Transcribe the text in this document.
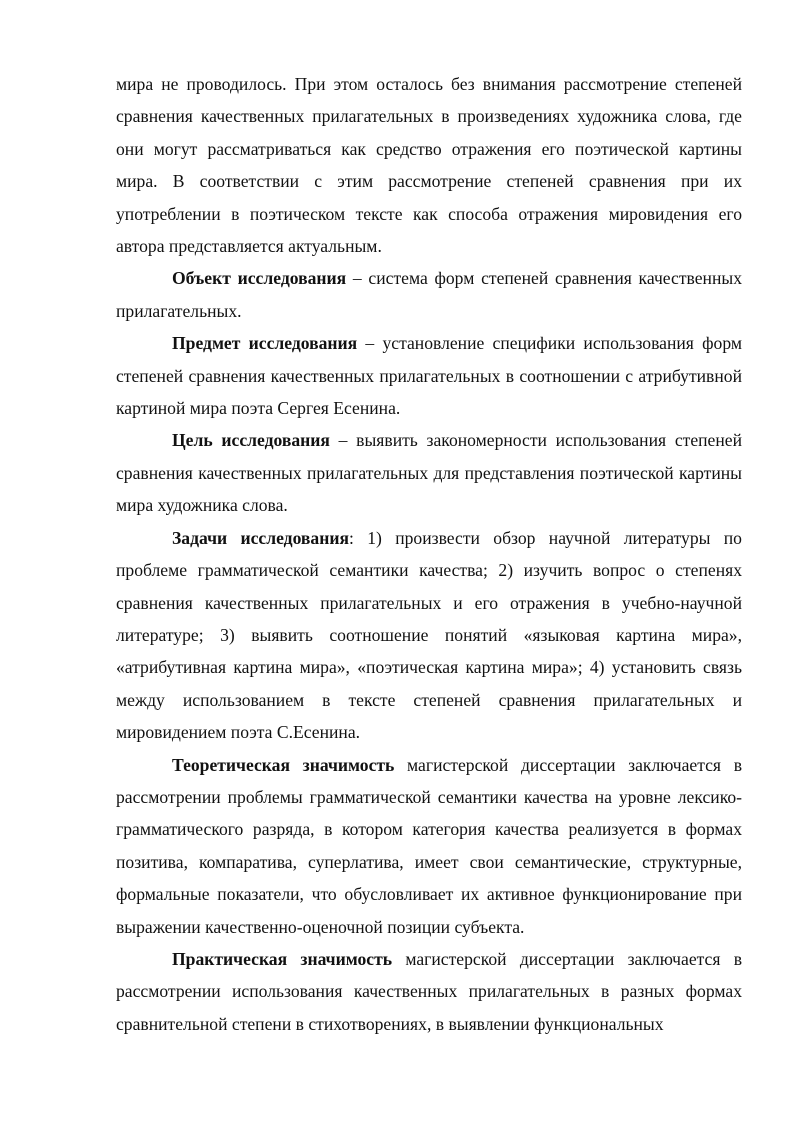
мира не проводилось. При этом осталось без внимания рассмотрение степеней сравнения качественных прилагательных в произведениях художника слова, где они могут рассматриваться как средство отражения его поэтической картины мира. В соответствии с этим рассмотрение степеней сравнения при их употреблении в поэтическом тексте как способа отражения мировидения его автора представляется актуальным.

Объект исследования – система форм степеней сравнения качественных прилагательных.

Предмет исследования – установление специфики использования форм степеней сравнения качественных прилагательных в соотношении с атрибутивной картиной мира поэта Сергея Есенина.

Цель исследования – выявить закономерности использования степеней сравнения качественных прилагательных для представления поэтической картины мира художника слова.

Задачи исследования: 1) произвести обзор научной литературы по проблеме грамматической семантики качества; 2) изучить вопрос о степенях сравнения качественных прилагательных и его отражения в учебно-научной литературе; 3) выявить соотношение понятий «языковая картина мира», «атрибутивная картина мира», «поэтическая картина мира»; 4) установить связь между использованием в тексте степеней сравнения прилагательных и мировидением поэта С.Есенина.

Теоретическая значимость магистерской диссертации заключается в рассмотрении проблемы грамматической семантики качества на уровне лексико-грамматического разряда, в котором категория качества реализуется в формах позитива, компаратива, суперлатива, имеет свои семантические, структурные, формальные показатели, что обусловливает их активное функционирование при выражении качественно-оценочной позиции субъекта.

Практическая значимость магистерской диссертации заключается в рассмотрении использования качественных прилагательных в разных формах сравнительной степени в стихотворениях, в выявлении функциональных
